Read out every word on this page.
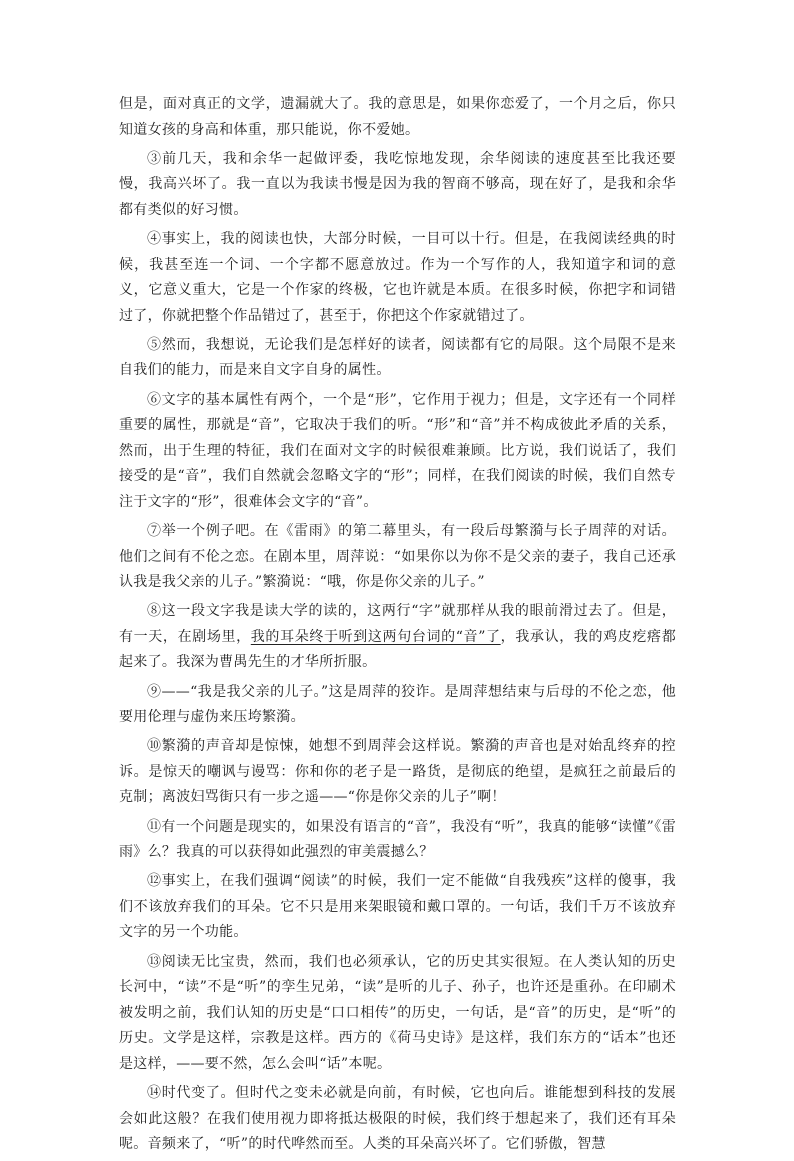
但是，面对真正的文学，遗漏就大了。我的意思是，如果你恋爱了，一个月之后，你只知道女孩的身高和体重，那只能说，你不爱她。

③前几天，我和余华一起做评委，我吃惊地发现，余华阅读的速度甚至比我还要慢，我高兴坏了。我一直以为我读书慢是因为我的智商不够高，现在好了，是我和余华都有类似的好习惯。

④事实上，我的阅读也快，大部分时候，一目可以十行。但是，在我阅读经典的时候，我甚至连一个词、一个字都不愿意放过。作为一个写作的人，我知道字和词的意义，它意义重大，它是一个作家的终极，它也许就是本质。在很多时候，你把字和词错过了，你就把整个作品错过了，甚至于，你把这个作家就错过了。

⑤然而，我想说，无论我们是怎样好的读者，阅读都有它的局限。这个局限不是来自我们的能力，而是来自文字自身的属性。

⑥文字的基本属性有两个，一个是“形”，它作用于视力；但是，文字还有一个同样重要的属性，那就是“音”，它取决于我们的听。“形”和“音”并不构成彼此矛盾的关系，然而，出于生理的特征，我们在面对文字的时候很难兼顾。比方说，我们说话了，我们接受的是“音”，我们自然就会忽略文字的“形”；同样，在我们阅读的时候，我们自然专注于文字的“形”，很难体会文字的“音”。

⑦举一个例子吧。在《雷雨》的第二幕里头，有一段后母繁漪与长子周萍的对话。他们之间有不伦之恋。在剧本里，周萍说：“如果你以为你不是父亲的妻子，我自己还承认我是我父亲的儿子。”繁漪说：“哦，你是你父亲的儿子。”

⑧这一段文字我是读大学的读的，这两行“字”就那样从我的眼前滑过去了。但是，有一天，在剧场里，我的耳朵终于听到这两句台词的“音”了，我承认，我的鸡皮疙瘩都起来了。我深为曹禺先生的才华所折服。

⑨——“我是我父亲的儿子。”这是周萍的狡诈。是周萍想结束与后母的不伦之恋，他要用伦理与虚伪来压垮繁漪。

⑩繁漪的声音却是惊悚，她想不到周萍会这样说。繁漪的声音也是对始乱终弃的控诉。是惊天的嘲讽与谩骂：你和你的老子是一路货，是彻底的绝望，是疯狂之前最后的克制；离波妇骂街只有一步之遥——“你是你父亲的儿子”啊！

⑪有一个问题是现实的，如果没有语言的“音”，我没有“听”，我真的能够“读懂”《雷雨》么？我真的可以获得如此强烈的审美震撼么？

⑫事实上，在我们强调“阅读”的时候，我们一定不能做“自我残疾”这样的傻事，我们不该放弃我们的耳朵。它不只是用来架眼镜和戴口罩的。一句话，我们千万不该放弃文字的另一个功能。

⑬阅读无比宝贵，然而，我们也必须承认，它的历史其实很短。在人类认知的历史长河中，“读”不是“听”的孪生兄弟，“读”是听的儿子、孙子，也许还是重孙。在印刷术被发明之前，我们认知的历史是“口口相传”的历史，一句话，是“音”的历史，是“听”的历史。文学是这样，宗教是这样。西方的《荷马史诗》是这样，我们东方的“话本”也还是这样，——要不然，怎么会叫“话”本呢。

⑭时代变了。但时代之变未必就是向前，有时候，它也向后。谁能想到科技的发展会如此这般？在我们使用视力即将抵达极限的时候，我们终于想起来了，我们还有耳朵呢。音频来了，“听”的时代哗然而至。人类的耳朵高兴坏了。它们骄傲，智慧
